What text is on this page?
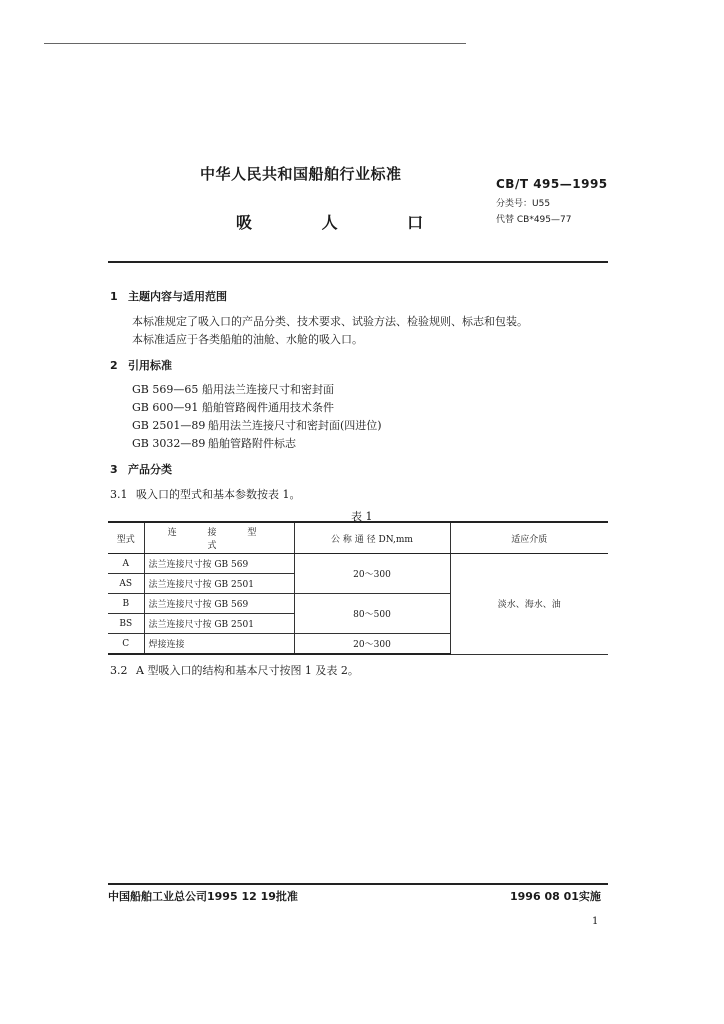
中华人民共和国船舶行业标准
吸 人 口
CB/T 495—1995
分类号：U55
代替 CB*495—77
1 主题内容与适用范围
本标准规定了吸入口的产品分类、技术要求、试验方法、检验规则、标志和包装。
本标准适应于各类船舶的油舱、水舱的吸入口。
2 引用标准
GB 569—65 船用法兰连接尺寸和密封面
GB 600—91 船舶管路阀件通用技术条件
GB 2501—89 船用法兰连接尺寸和密封面(四进位)
GB 3032—89 船舶管路附件标志
3 产品分类
3.1 吸入口的型式和基本参数按表 1。
表 1
型式	连 接 型 式	公 称 通 径 DN,mm	适应介质
A	法兰连接尺寸按 GB 569	20～300	淡水、海水、油
AS	法兰连接尺寸按 GB 2501		
B	法兰连接尺寸按 GB 569	80～500	
BS	法兰连接尺寸按 GB 2501		
C	焊接连接	20～300	
3.2 A 型吸入口的结构和基本尺寸按图 1 及表 2。
中国船舶工业总公司1995 12 19批准	1996 08 01实施
1
